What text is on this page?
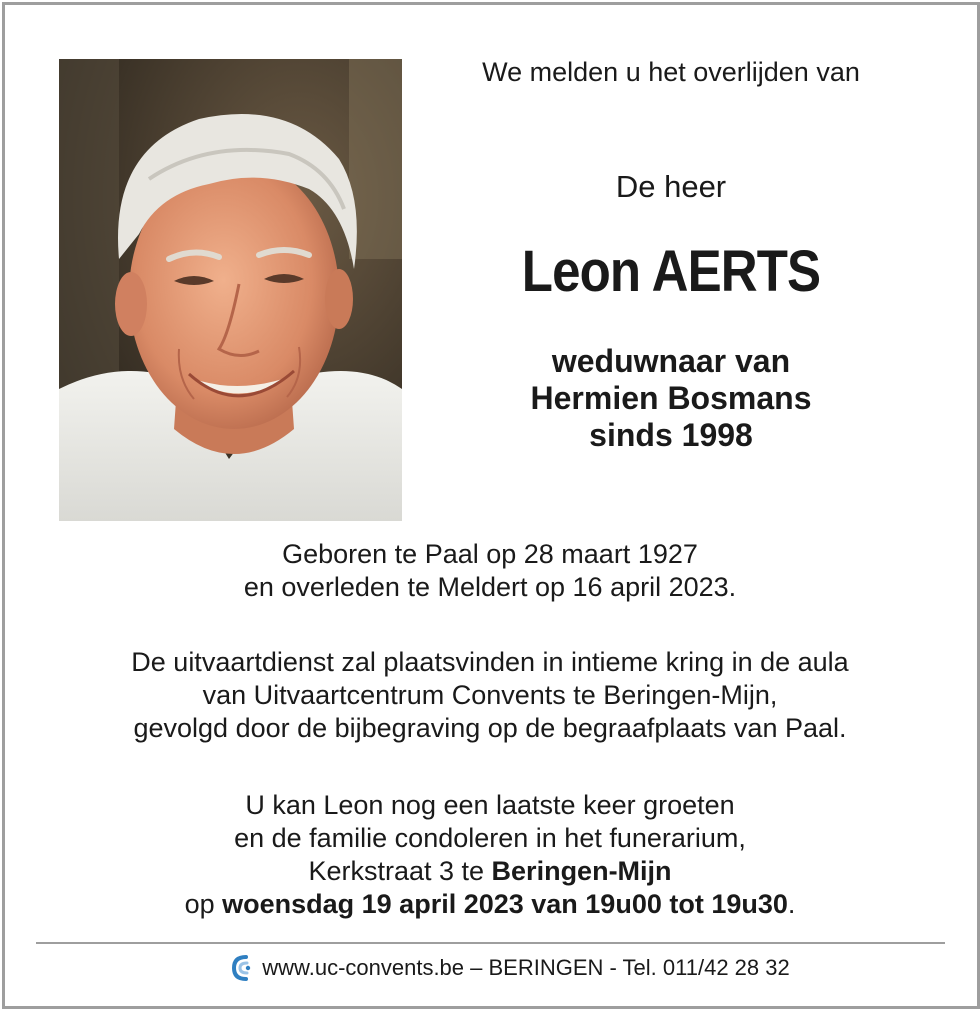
We melden u het overlijden van
De heer
Leon AERTS
weduwnaar van
Hermien Bosmans
sinds 1998
Geboren te Paal op 28 maart 1927
en overleden te Meldert op 16 april 2023.
De uitvaartdienst zal plaatsvinden in intieme kring in de aula
van Uitvaartcentrum Convents te Beringen-Mijn,
gevolgd door de bijbegraving op de begraafplaats van Paal.
U kan Leon nog een laatste keer groeten
en de familie condoleren in het funerarium,
Kerkstraat 3 te Beringen-Mijn
op woensdag 19 april 2023 van 19u00 tot 19u30.
www.uc-convents.be – BERINGEN - Tel. 011/42 28 32
